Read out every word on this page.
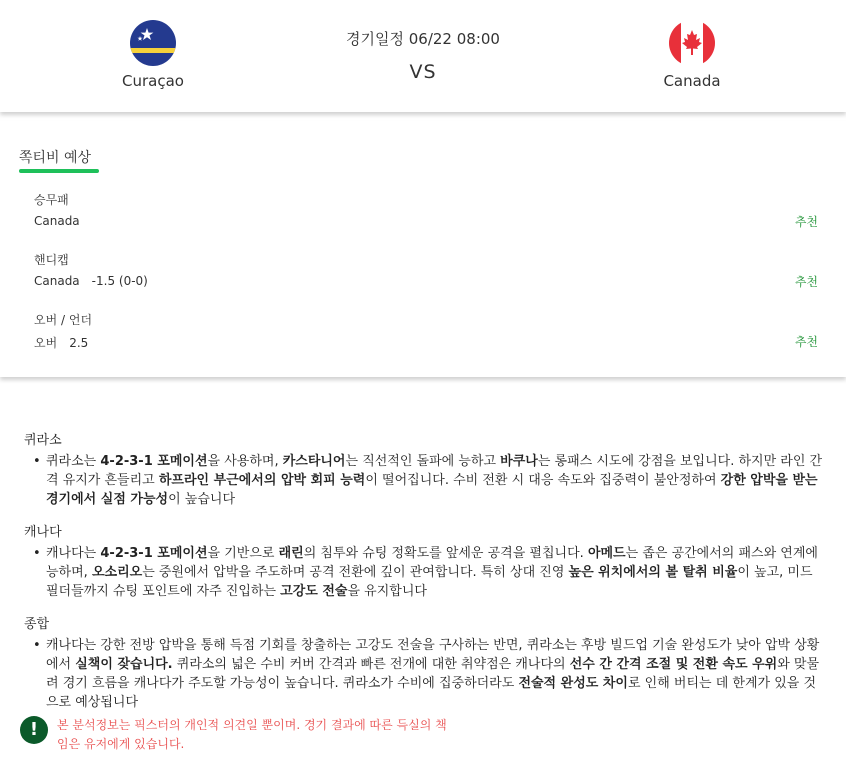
Curaçao
경기일정 06/22 08:00
VS	Canada
쪽티비 예상
승무패
Canada	추천
핸디캡
Canada -1.5 (0-0)	추천
오버 / 언더
오버 2.5	추천
퀴라소
• 퀴라소는 4-2-3-1 포메이션을 사용하며, 카스타니어는 직선적인 돌파에 능하고 바쿠나는 롱패스 시도에 강점을 보입니다. 하지만 라인 간격 유지가 흔들리고 하프라인 부근에서의 압박 회피 능력이 떨어집니다. 수비 전환 시 대응 속도와 집중력이 불안정하여 강한 압박을 받는 경기에서 실점 가능성이 높습니다
캐나다
• 캐나다는 4-2-3-1 포메이션을 기반으로 래린의 침투와 슈팅 정확도를 앞세운 공격을 펼칩니다. 아메드는 좁은 공간에서의 패스와 연계에 능하며, 오소리오는 중원에서 압박을 주도하며 공격 전환에 깊이 관여합니다. 특히 상대 진영 높은 위치에서의 볼 탈취 비율이 높고, 미드필더들까지 슈팅 포인트에 자주 진입하는 고강도 전술을 유지합니다
종합
• 캐나다는 강한 전방 압박을 통해 득점 기회를 창출하는 고강도 전술을 구사하는 반면, 퀴라소는 후방 빌드업 기술 완성도가 낮아 압박 상황에서 실책이 잦습니다. 퀴라소의 넓은 수비 커버 간격과 빠른 전개에 대한 취약점은 캐나다의 선수 간 간격 조절 및 전환 속도 우위와 맞물려 경기 흐름을 캐나다가 주도할 가능성이 높습니다. 퀴라소가 수비에 집중하더라도 전술적 완성도 차이로 인해 버티는 데 한계가 있을 것으로 예상됩니다
!	본 분석정보는 픽스터의 개인적 의견일 뿐이며. 경기 결과에 따른 득실의 책임은 유저에게 있습니다.
